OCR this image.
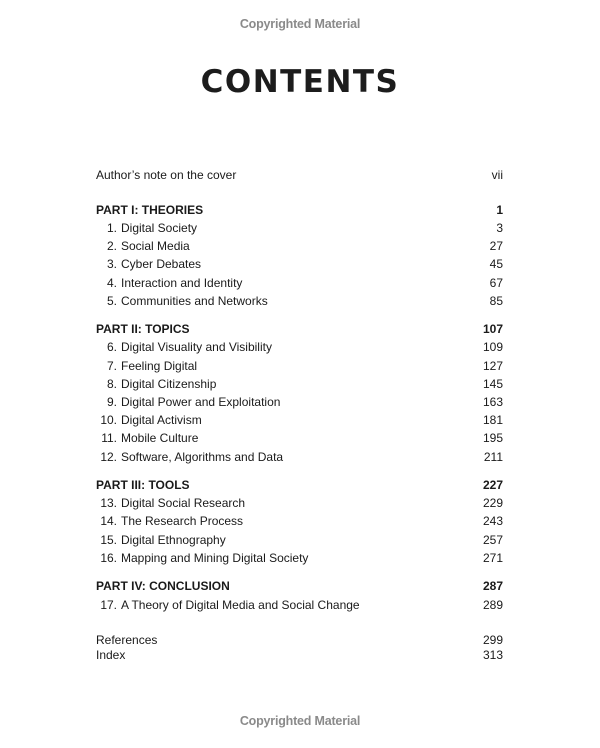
Copyrighted Material
CONTENTS
Author’s note on the cover	vii
PART I: THEORIES	1
1. Digital Society	3
2. Social Media	27
3. Cyber Debates	45
4. Interaction and Identity	67
5. Communities and Networks	85
PART II: TOPICS	107
6. Digital Visuality and Visibility	109
7. Feeling Digital	127
8. Digital Citizenship	145
9. Digital Power and Exploitation	163
10. Digital Activism	181
11. Mobile Culture	195
12. Software, Algorithms and Data	211
PART III: TOOLS	227
13. Digital Social Research	229
14. The Research Process	243
15. Digital Ethnography	257
16. Mapping and Mining Digital Society	271
PART IV: CONCLUSION	287
17. A Theory of Digital Media and Social Change	289
References	299
Index	313
Copyrighted Material
